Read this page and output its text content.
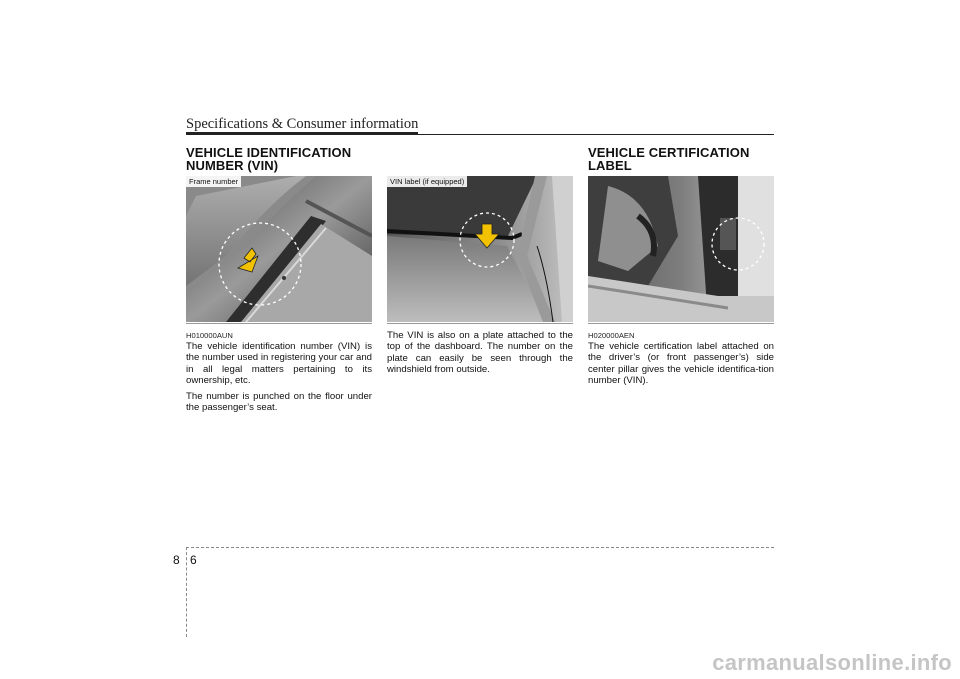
Specifications & Consumer information
VEHICLE IDENTIFICATION
NUMBER (VIN)
Frame number
H010000AUN

The vehicle identification number (VIN) is the number used in registering your car and in all legal matters pertaining to its ownership, etc.

The number is punched on the floor under the passenger’s seat.

VIN label (if equipped)

The VIN is also on a plate attached to the top of the dashboard. The number on the plate can easily be seen through the windshield from outside.

VEHICLE CERTIFICATION
LABEL
H020000AEN

The vehicle certification label attached on the driver’s (or front passenger’s) side center pillar gives the vehicle identifica-tion number (VIN).

8 6
carmanualsonline.info
